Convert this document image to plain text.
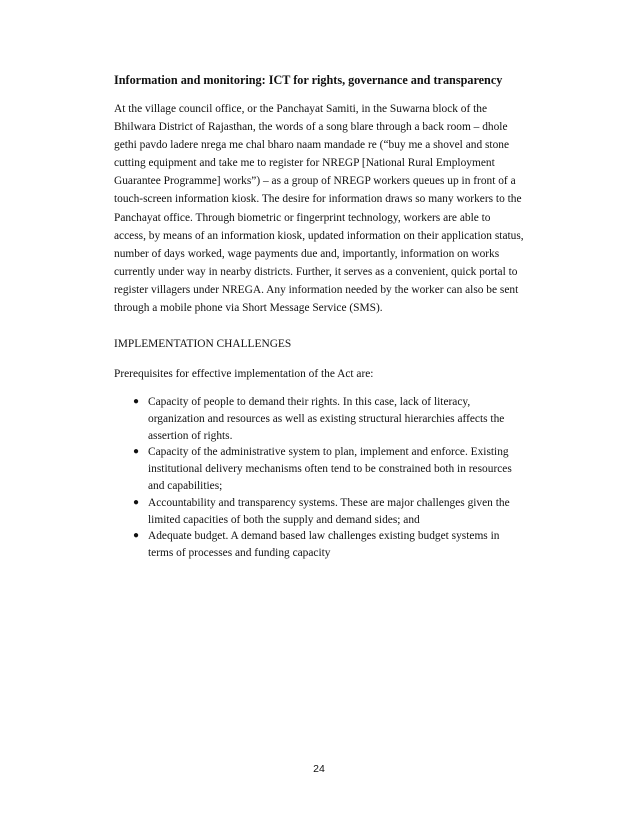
Information and monitoring: ICT for rights, governance and transparency
At the village council office, or the Panchayat Samiti, in the Suwarna block of the
Bhilwara District of Rajasthan, the words of a song blare through a back room – dhole
gethi pavdo ladere nrega me chal bharo naam mandade re (“buy me a shovel and stone
cutting equipment and take me to register for NREGP [National Rural Employment
Guarantee Programme] works”) – as a group of NREGP workers queues up in front of a
touch-screen information kiosk. The desire for information draws so many workers to the
Panchayat office. Through biometric or fingerprint technology, workers are able to
access, by means of an information kiosk, updated information on their application status,
number of days worked, wage payments due and, importantly, information on works
currently under way in nearby districts. Further, it serves as a convenient, quick portal to
register villagers under NREGA. Any information needed by the worker can also be sent
through a mobile phone via Short Message Service (SMS).
IMPLEMENTATION CHALLENGES
Prerequisites for effective implementation of the Act are:
● Capacity of people to demand their rights. In this case, lack of literacy,
organization and resources as well as existing structural hierarchies affects the
assertion of rights.
● Capacity of the administrative system to plan, implement and enforce. Existing
institutional delivery mechanisms often tend to be constrained both in resources
and capabilities;
● Accountability and transparency systems. These are major challenges given the
limited capacities of both the supply and demand sides; and
● Adequate budget. A demand based law challenges existing budget systems in
terms of processes and funding capacity
24
